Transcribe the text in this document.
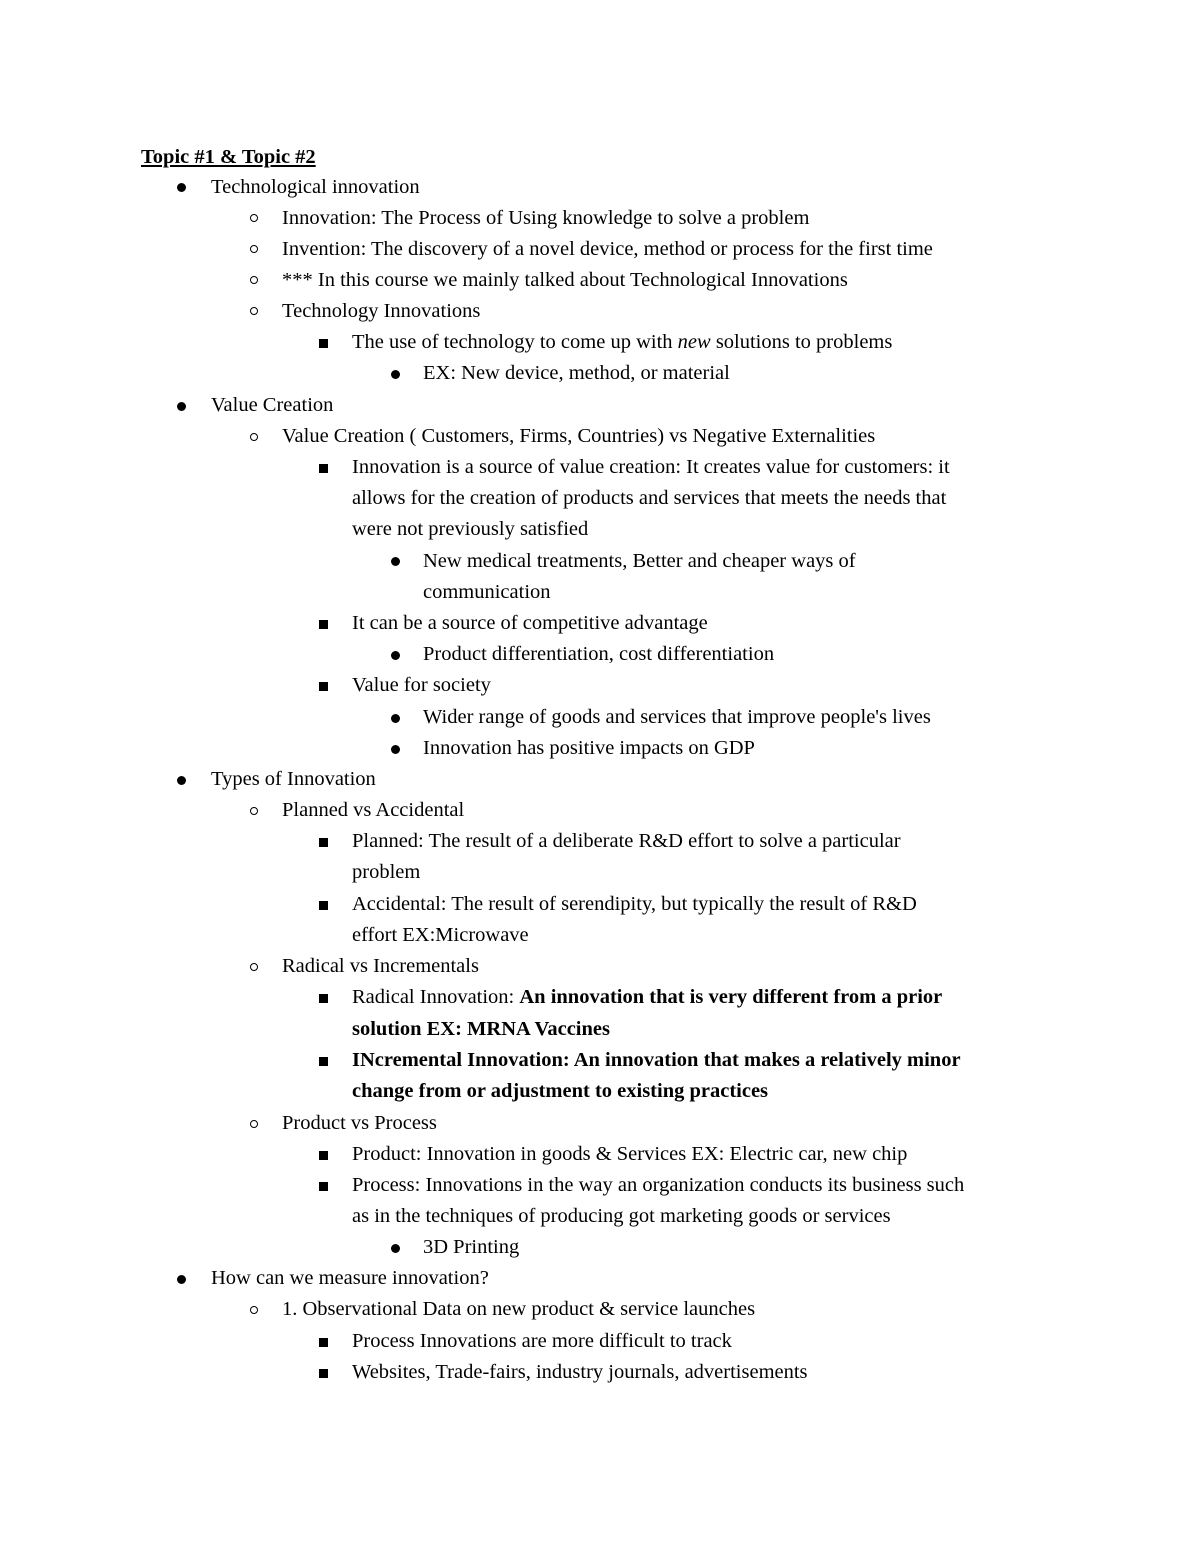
Topic #1 & Topic #2
Technological innovation
Innovation: The Process of Using knowledge to solve a problem
Invention: The discovery of a novel device, method or process for the first time
*** In this course we mainly talked about Technological Innovations
Technology Innovations
The use of technology to come up with new solutions to problems
EX: New device, method, or material
Value Creation
Value Creation ( Customers, Firms, Countries) vs Negative Externalities
Innovation is a source of value creation: It creates value for customers: it
allows for the creation of products and services that meets the needs that
were not previously satisfied
New medical treatments, Better and cheaper ways of
communication
It can be a source of competitive advantage
Product differentiation, cost differentiation
Value for society
Wider range of goods and services that improve people's lives
Innovation has positive impacts on GDP
Types of Innovation
Planned vs Accidental
Planned: The result of a deliberate R&D effort to solve a particular
problem
Accidental: The result of serendipity, but typically the result of R&D
effort EX:Microwave
Radical vs Incrementals
Radical Innovation: An innovation that is very different from a prior
solution EX: MRNA Vaccines
INcremental Innovation: An innovation that makes a relatively minor
change from or adjustment to existing practices
Product vs Process
Product: Innovation in goods & Services EX: Electric car, new chip
Process: Innovations in the way an organization conducts its business such
as in the techniques of producing got marketing goods or services
3D Printing
How can we measure innovation?
1. Observational Data on new product & service launches
Process Innovations are more difficult to track
Websites, Trade-fairs, industry journals, advertisements
